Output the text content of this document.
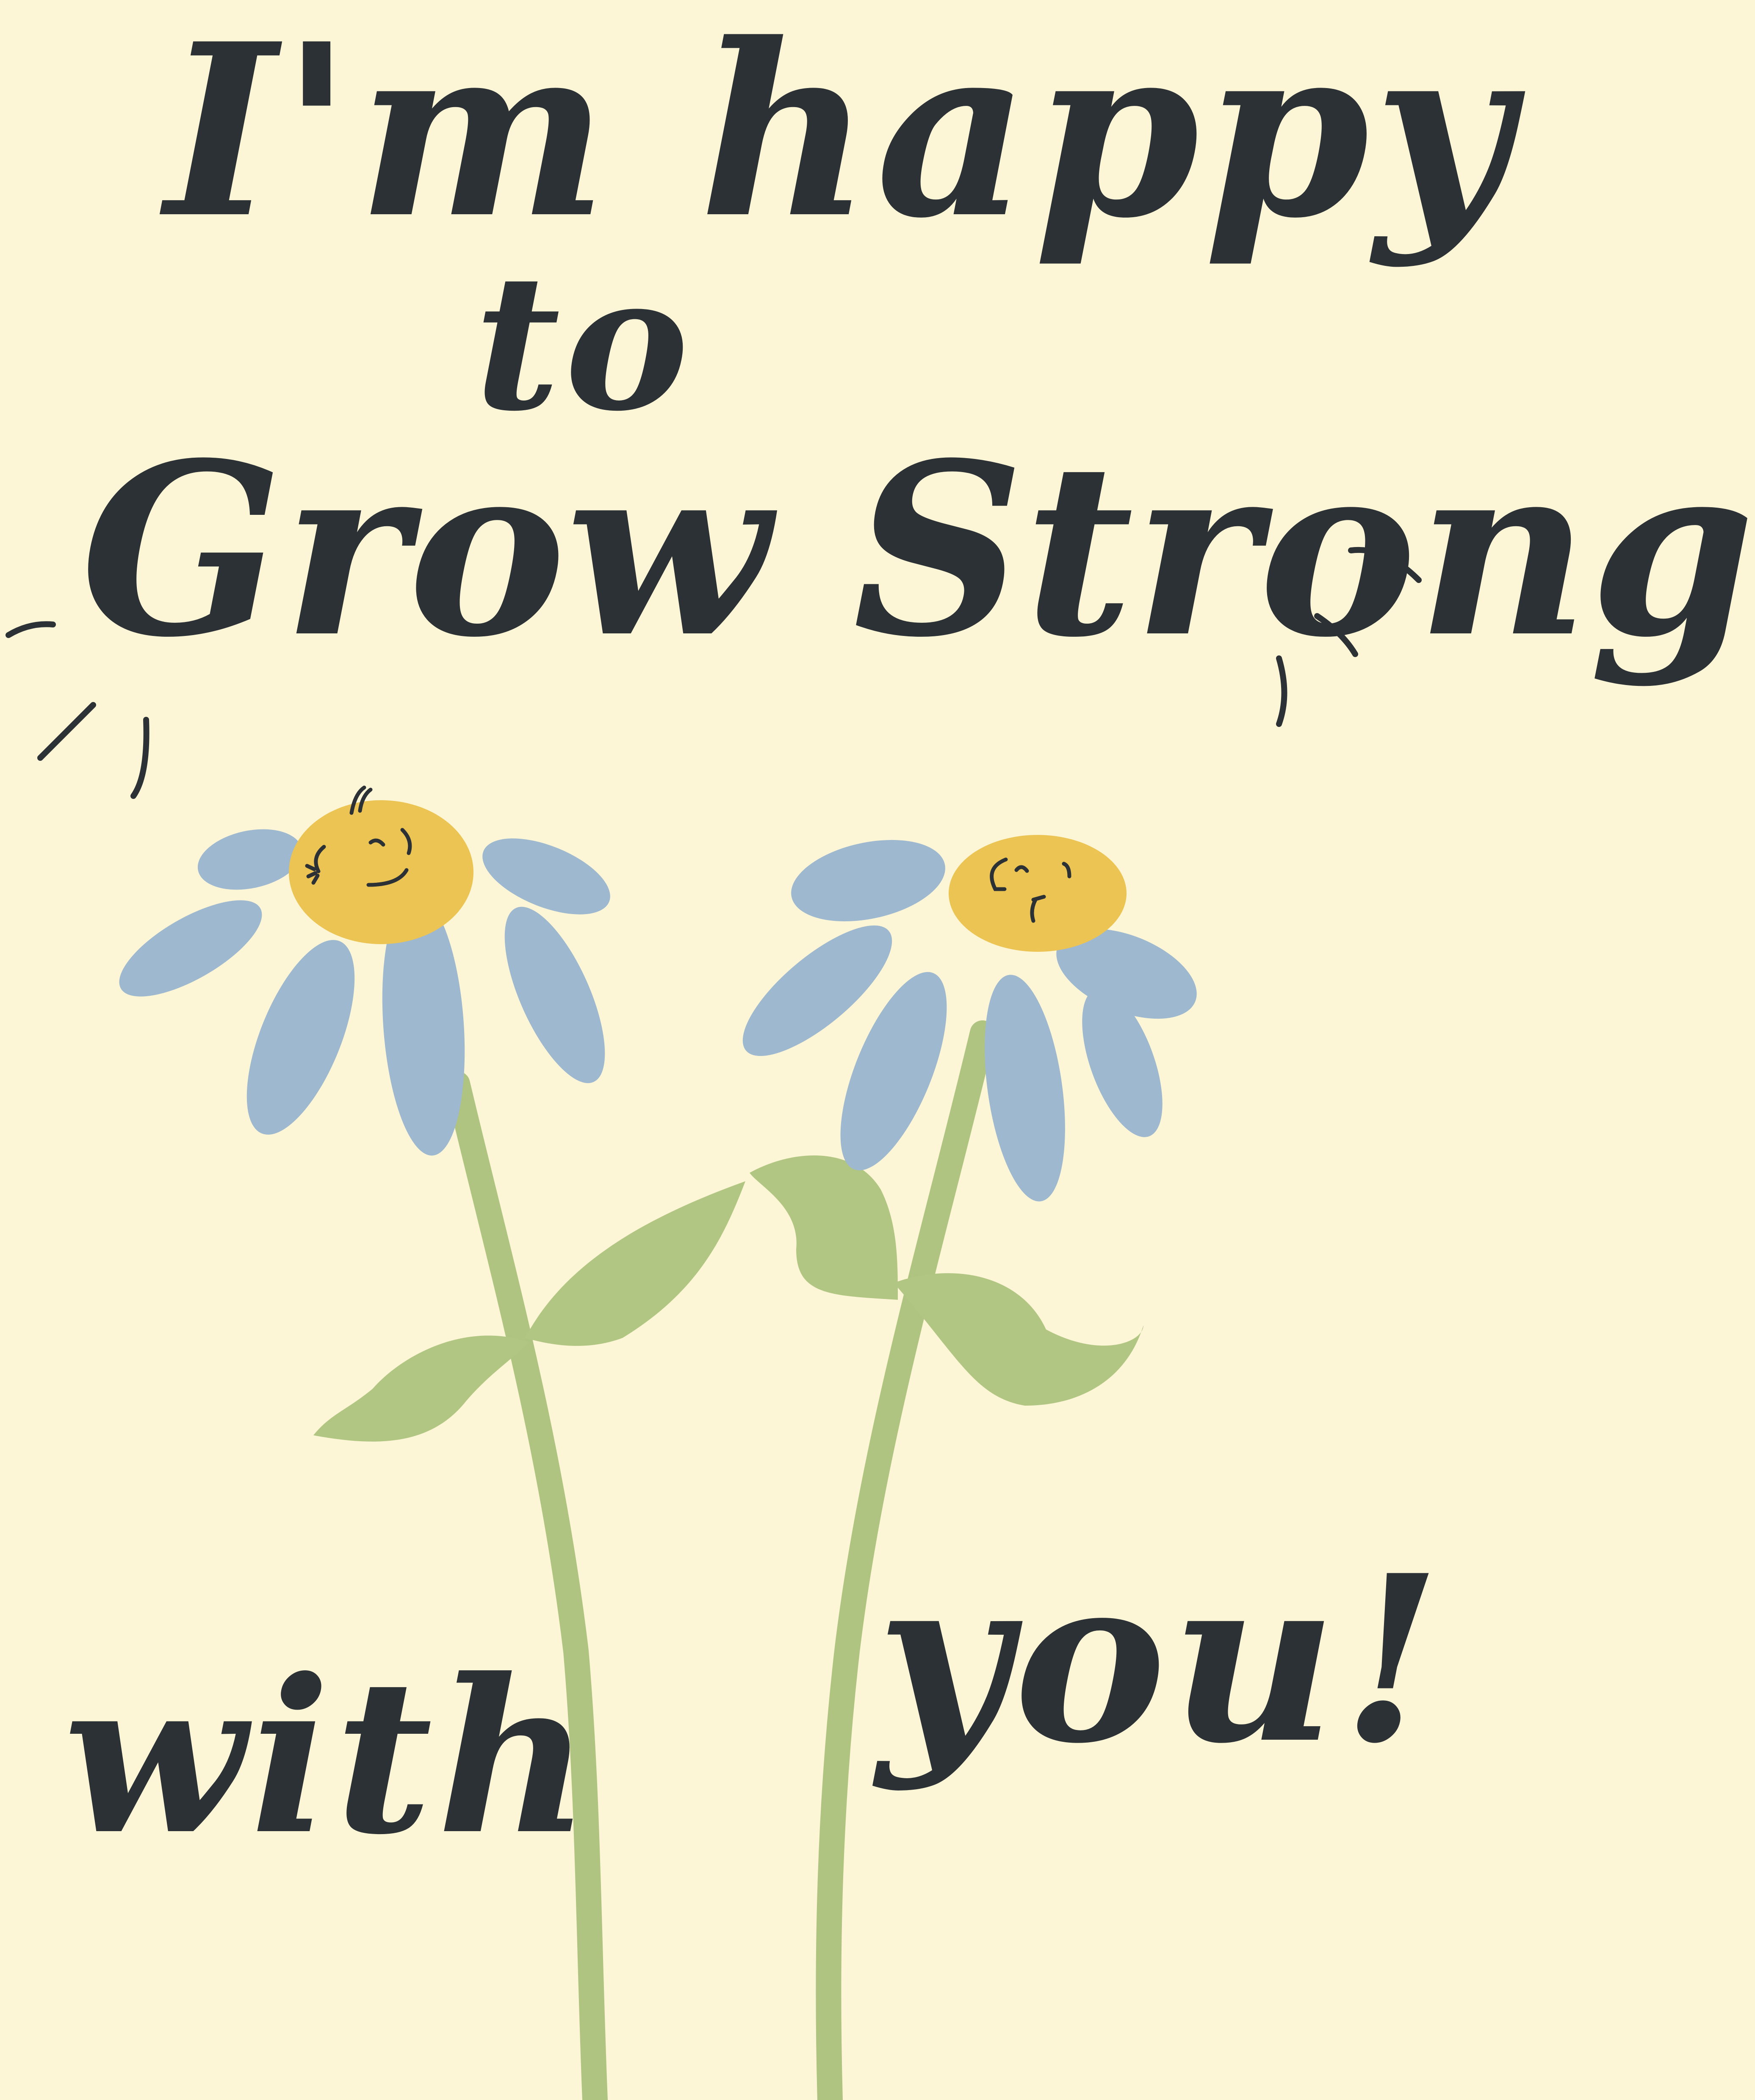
I'm happy
to
Grow Strong
with you!
